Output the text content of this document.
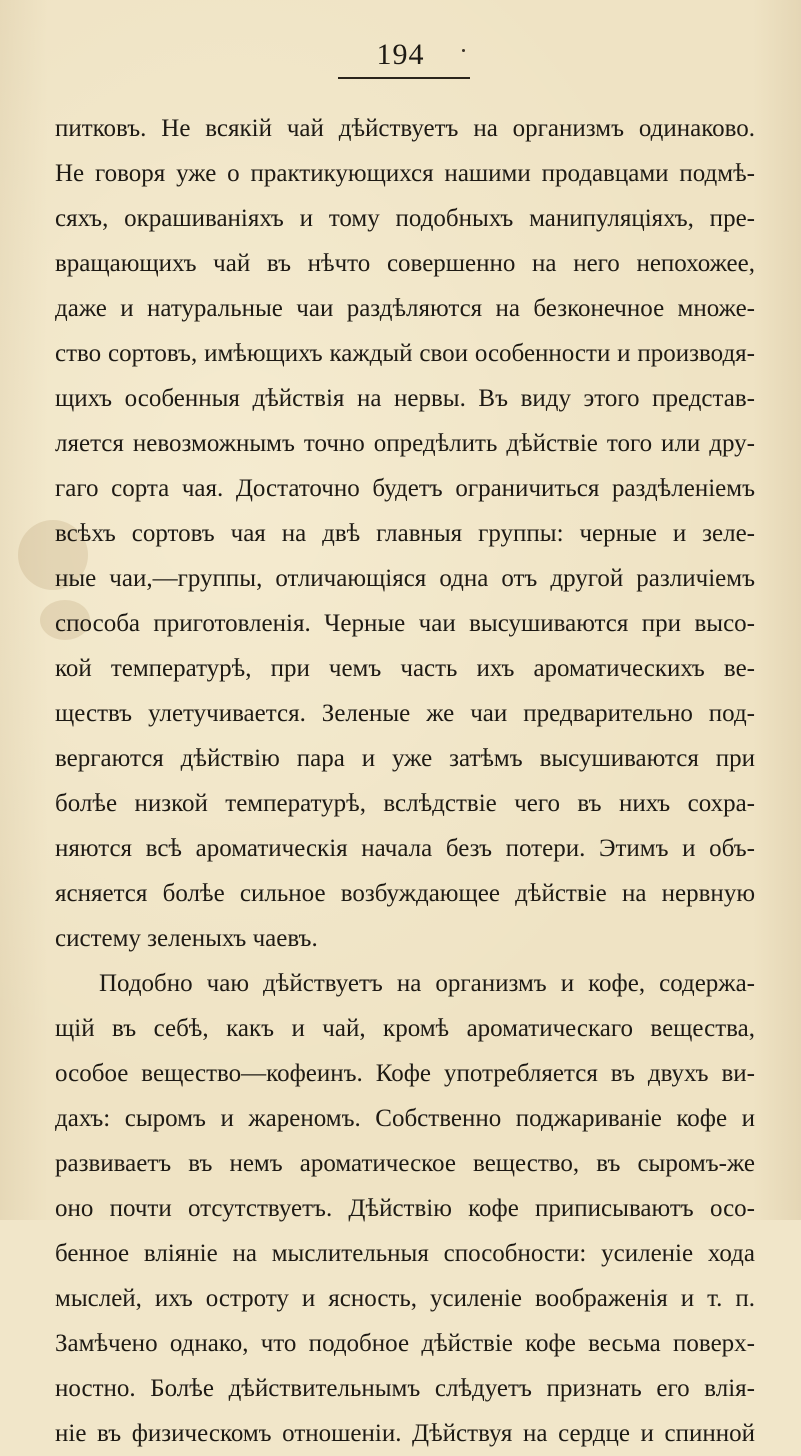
194
питковъ. Не всякій чай дѣйствуетъ на организмъ одинаково.
Не говоря уже о практикующихся нашими продавцами подмѣ-
сяхъ, окрашиваніяхъ и тому подобныхъ манипуляціяхъ, пре-
вращающихъ чай въ нѣчто совершенно на него непохожее,
даже и натуральные чаи раздѣляются на безконечное множе-
ство сортовъ, имѣющихъ каждый свои особенности и производя-
щихъ особенныя дѣйствія на нервы. Въ виду этого представ-
ляется невозможнымъ точно опредѣлить дѣйствіе того или дру-
гаго сорта чая. Достаточно будетъ ограничиться раздѣленіемъ
всѣхъ сортовъ чая на двѣ главныя группы: черные и зеле-
ные чаи,—группы, отличающіяся одна отъ другой различіемъ
способа приготовленія. Черные чаи высушиваются при высо-
кой температурѣ, при чемъ часть ихъ ароматическихъ ве-
ществъ улетучивается. Зеленые же чаи предварительно под-
вергаются дѣйствію пара и уже затѣмъ высушиваются при
болѣе низкой температурѣ, вслѣдствіе чего въ нихъ сохра-
няются всѣ ароматическія начала безъ потери. Этимъ и объ-
ясняется болѣе сильное возбуждающее дѣйствіе на нервную
систему зеленыхъ чаевъ.
Подобно чаю дѣйствуетъ на организмъ и кофе, содержа-
щій въ себѣ, какъ и чай, кромѣ ароматическаго вещества,
особое вещество—кофеинъ. Кофе употребляется въ двухъ ви-
дахъ: сыромъ и жареномъ. Собственно поджариваніе кофе и
развиваетъ въ немъ ароматическое вещество, въ сыромъ-же
оно почти отсутствуетъ. Дѣйствію кофе приписываютъ осо-
бенное вліяніе на мыслительныя способности: усиленіе хода
мыслей, ихъ остроту и ясность, усиленіе воображенія и т. п.
Замѣчено однако, что подобное дѣйствіе кофе весьма поверх-
ностно. Болѣе дѣйствительнымъ слѣдуетъ признать его влія-
ніе въ физическомъ отношеніи. Дѣйствуя на сердце и спинной
